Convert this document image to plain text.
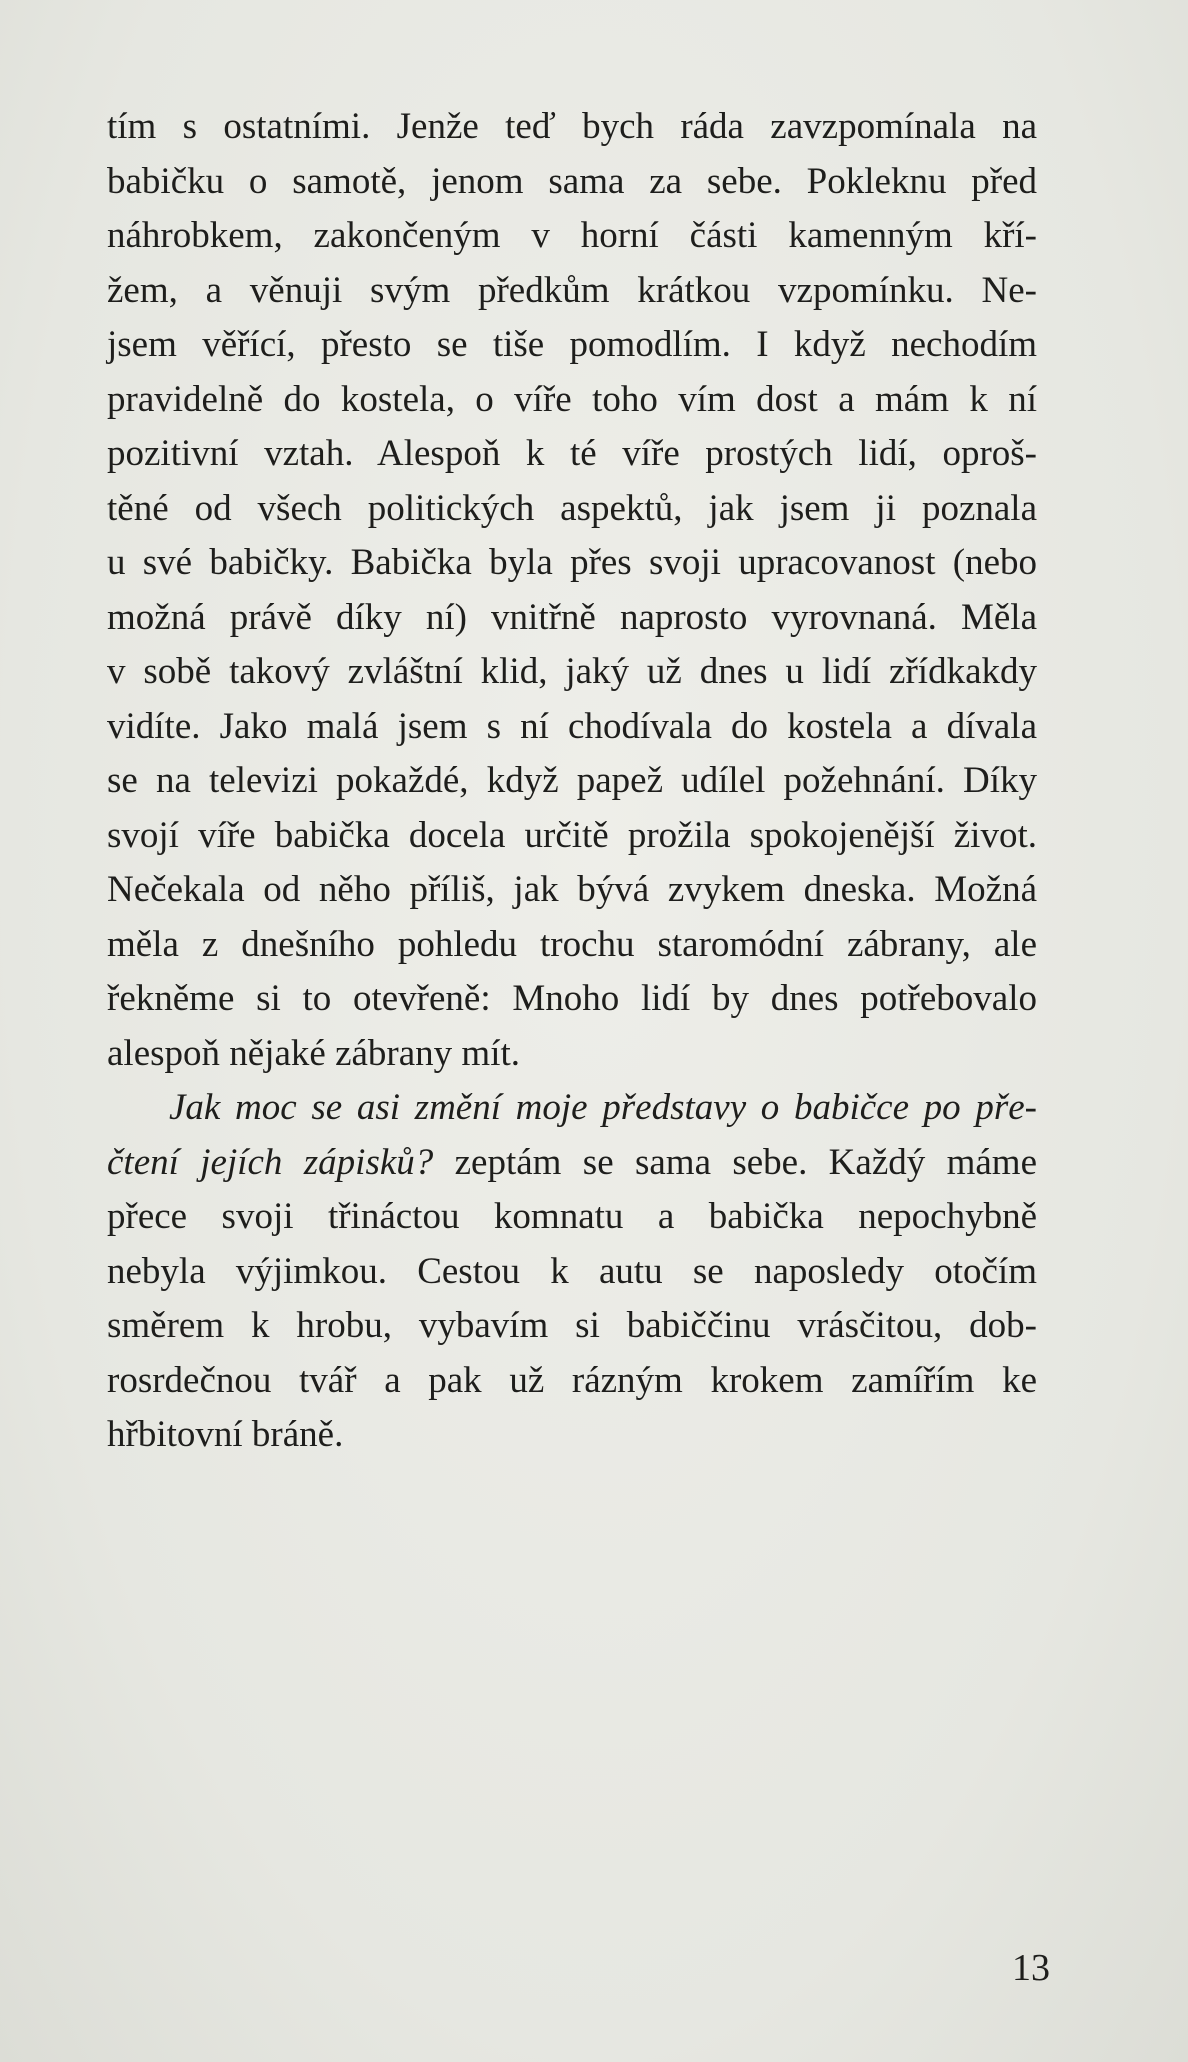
tím s ostatními. Jenže teď bych ráda zavzpomínala na
babičku o samotě, jenom sama za sebe. Pokleknu před
náhrobkem, zakončeným v horní části kamenným kří-
žem, a věnuji svým předkům krátkou vzpomínku. Ne-
jsem věřící, přesto se tiše pomodlím. I když nechodím
pravidelně do kostela, o víře toho vím dost a mám k ní
pozitivní vztah. Alespoň k té víře prostých lidí, oproš-
těné od všech politických aspektů, jak jsem ji poznala
u své babičky. Babička byla přes svoji upracovanost (nebo
možná právě díky ní) vnitřně naprosto vyrovnaná. Měla
v sobě takový zvláštní klid, jaký už dnes u lidí zřídkakdy
vidíte. Jako malá jsem s ní chodívala do kostela a dívala
se na televizi pokaždé, když papež udílel požehnání. Díky
svojí víře babička docela určitě prožila spokojenější život.
Nečekala od něho příliš, jak bývá zvykem dneska. Možná
měla z dnešního pohledu trochu staromódní zábrany, ale
řekněme si to otevřeně: Mnoho lidí by dnes potřebovalo
alespoň nějaké zábrany mít.
Jak moc se asi změní moje představy o babičce po pře-
čtení jejích zápisků? zeptám se sama sebe. Každý máme
přece svoji třináctou komnatu a babička nepochybně
nebyla výjimkou. Cestou k autu se naposledy otočím
směrem k hrobu, vybavím si babiččinu vrásčitou, dob-
rosrdečnou tvář a pak už rázným krokem zamířím ke
hřbitovní bráně.
13
